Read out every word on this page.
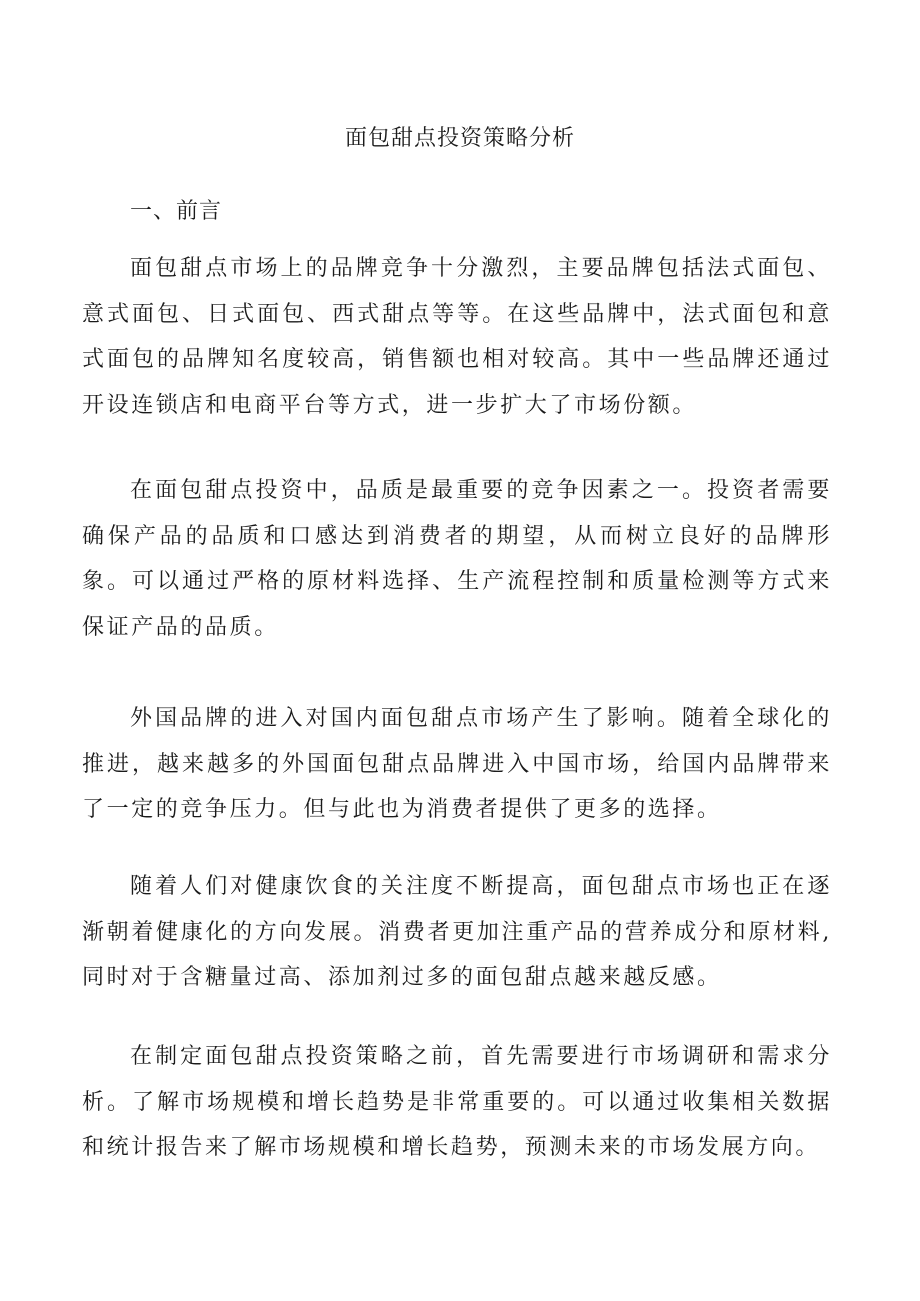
面包甜点投资策略分析
一、前言

面包甜点市场上的品牌竞争十分激烈，主要品牌包括法式面包、意式面包、日式面包、西式甜点等等。在这些品牌中，法式面包和意式面包的品牌知名度较高，销售额也相对较高。其中一些品牌还通过开设连锁店和电商平台等方式，进一步扩大了市场份额。

在面包甜点投资中，品质是最重要的竞争因素之一。投资者需要确保产品的品质和口感达到消费者的期望，从而树立良好的品牌形象。可以通过严格的原材料选择、生产流程控制和质量检测等方式来保证产品的品质。

外国品牌的进入对国内面包甜点市场产生了影响。随着全球化的推进，越来越多的外国面包甜点品牌进入中国市场，给国内品牌带来了一定的竞争压力。但与此也为消费者提供了更多的选择。

随着人们对健康饮食的关注度不断提高，面包甜点市场也正在逐渐朝着健康化的方向发展。消费者更加注重产品的营养成分和原材料,同时对于含糖量过高、添加剂过多的面包甜点越来越反感。

在制定面包甜点投资策略之前，首先需要进行市场调研和需求分析。了解市场规模和增长趋势是非常重要的。可以通过收集相关数据和统计报告来了解市场规模和增长趋势，预测未来的市场发展方向。
